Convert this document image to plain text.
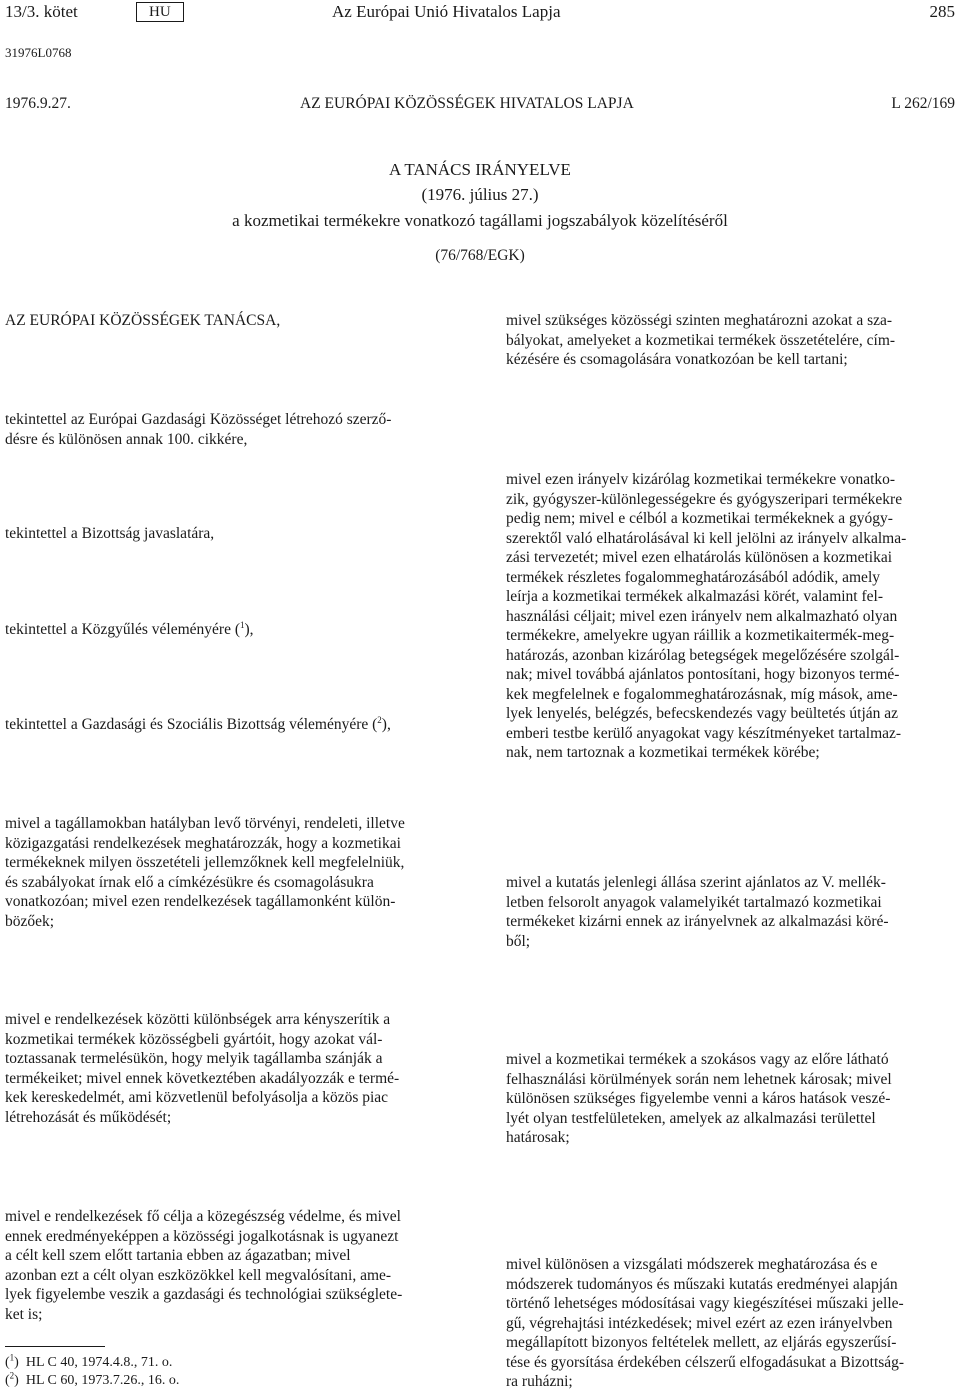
13/3. kötet	HU	Az Európai Unió Hivatalos Lapja	285
31976L0768
1976.9.27.	AZ EURÓPAI KÖZÖSSÉGEK HIVATALOS LAPJA	L 262/169
A TANÁCS IRÁNYELVE
(1976. július 27.)
a kozmetikai termékekre vonatkozó tagállami jogszabályok közelítéséről
(76/768/EGK)
AZ EURÓPAI KÖZÖSSÉGEK TANÁCSA,

tekintettel az Európai Gazdasági Közösséget létrehozó szerző-
désre és különösen annak 100. cikkére,

tekintettel a Bizottság javaslatára,

tekintettel a Közgyűlés véleményére ($^1$),

tekintettel a Gazdasági és Szociális Bizottság véleményére ($^2$),

mivel a tagállamokban hatályban levő törvényi, rendeleti, illetve
közigazgatási rendelkezések meghatározzák, hogy a kozmetikai
termékeknek milyen összetételi jellemzőknek kell megfelelniük,
és szabályokat írnak elő a címkézésükre és csomagolásukra
vonatkozóan; mivel ezen rendelkezések tagállamonként külön-
bözőek;

mivel e rendelkezések közötti különbségek arra kényszerítik a
kozmetikai termékek közösségbeli gyártóit, hogy azokat vál-
toztassanak termelésükön, hogy melyik tagállamba szánják a
termékeiket; mivel ennek következtében akadályozzák e termé-
kek kereskedelmét, ami közvetlenül befolyásolja a közös piac
létrehozását és működését;

mivel e rendelkezések fő célja a közegészség védelme, és mivel
ennek eredményeképpen a közösségi jogalkotásnak is ugyanezt
a célt kell szem előtt tartania ebben az ágazatban; mivel
azonban ezt a célt olyan eszközökkel kell megvalósítani, ame-
lyek figyelembe veszik a gazdasági és technológiai szükséglete-
ket is;

mivel szükséges közösségi szinten meghatározni azokat a sza-
bályokat, amelyeket a kozmetikai termékek összetételére, cím-
kézésére és csomagolására vonatkozóan be kell tartani;

mivel ezen irányelv kizárólag kozmetikai termékekre vonatko-
zik, gyógyszer-különlegességekre és gyógyszeripari termékekre
pedig nem; mivel e célból a kozmetikai termékeknek a gyógy-
szerektől való elhatárolásával ki kell jelölni az irányelv alkalma-
zási tervezetét; mivel ezen elhatárolás különösen a kozmetikai
termékek részletes fogalommeghatározásából adódik, amely
leírja a kozmetikai termékek alkalmazási körét, valamint fel-
használási céljait; mivel ezen irányelv nem alkalmazható olyan
termékekre, amelyekre ugyan ráillik a kozmetikaitermék-meg-
határozás, azonban kizárólag betegségek megelőzésére szolgál-
nak; mivel továbbá ajánlatos pontosítani, hogy bizonyos termé-
kek megfelelnek e fogalommeghatározásnak, míg mások, ame-
lyek lenyelés, belégzés, befecskendezés vagy beültetés útján az
emberi testbe kerülő anyagokat vagy készítményeket tartalmaz-
nak, nem tartoznak a kozmetikai termékek körébe;

mivel a kutatás jelenlegi állása szerint ajánlatos az V. mellék-
letben felsorolt anyagok valamelyikét tartalmazó kozmetikai
termékeket kizárni ennek az irányelvnek az alkalmazási köré-
ből;

mivel a kozmetikai termékek a szokásos vagy az előre látható
felhasználási körülmények során nem lehetnek károsak; mivel
különösen szükséges figyelembe venni a káros hatások veszé-
lyét olyan testfelületeken, amelyek az alkalmazási területtel
határosak;

mivel különösen a vizsgálati módszerek meghatározása és e
módszerek tudományos és műszaki kutatás eredményei alapján
történő lehetséges módosításai vagy kiegészítései műszaki jelle-
gű, végrehajtási intézkedések; mivel ezért az ezen irányelvben
megállapított bizonyos feltételek mellett, az eljárás egyszerűsí-
tése és gyorsítása érdekében célszerű elfogadásukat a Bizottság-
ra ruházni;

($^1$)  HL C 40, 1974.4.8., 71. o.
($^2$)  HL C 60, 1973.7.26., 16. o.
